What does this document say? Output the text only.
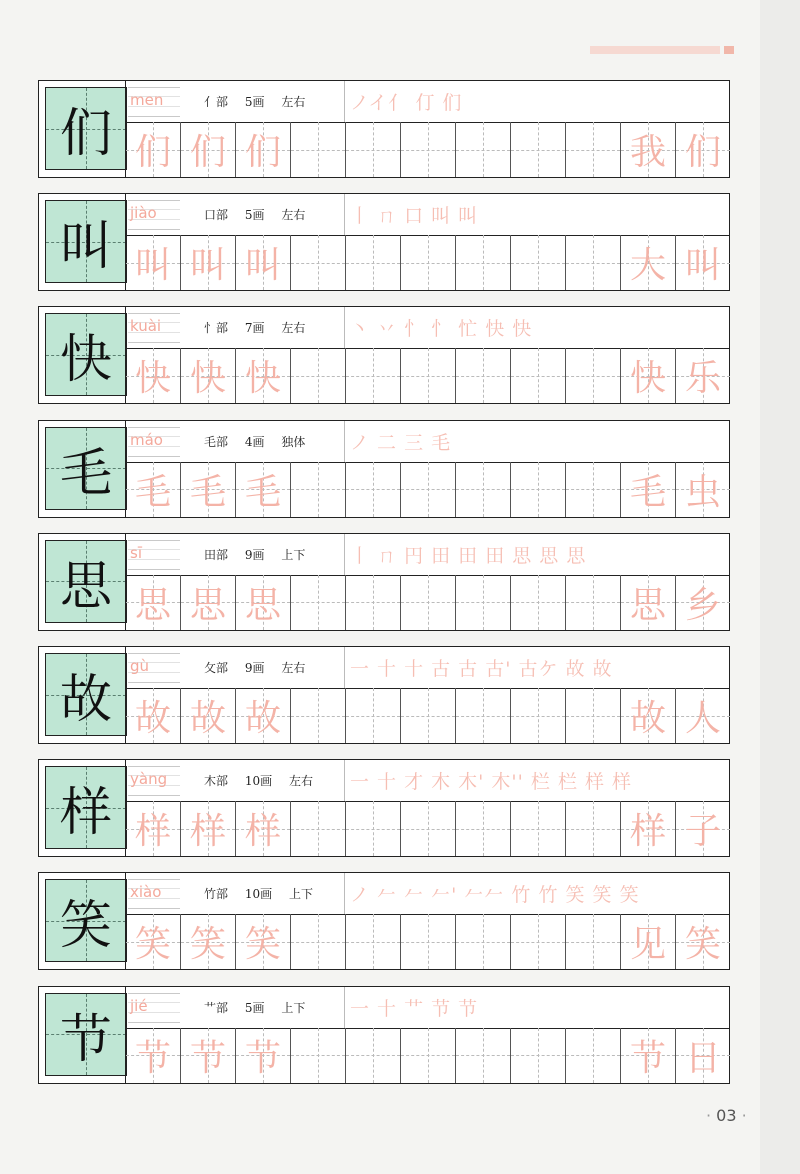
们
men	亻部 5画 左右	ノイ亻 仃 们
们 们 们	我 们
叫
jiào	口部 5画 左右	丨 ㄇ 口 叫 叫
叫 叫 叫	大 叫
快
kuài	忄部 7画 左右	丶 丷 忄 忄 忙 快 快
快 快 快	快 乐
毛
máo	毛部 4画 独体	ノ 二 三 毛
毛 毛 毛	毛 虫
思
sī	田部 9画 上下	丨 ㄇ 円 田 田 田 思 思 思
思 思 思	思 乡
故
gù	攵部 9画 左右	一 十 十 古 古 古' 古ケ 故 故
故 故 故	故 人
样
yàng	木部 10画 左右	一 十 才 木 木' 木'' 栏 栏 样 样
样 样 样	样 子
笑
xiào	竹部 10画 上下	ノ 𠂉 𠂉 𠂉' 𠂉𠂉 竹 竹 笑 笑 笑
笑 笑 笑	见 笑
节
jié	艹部 5画 上下	一 十 艹 节 节
节 节 节	节 日
· 03 ·
